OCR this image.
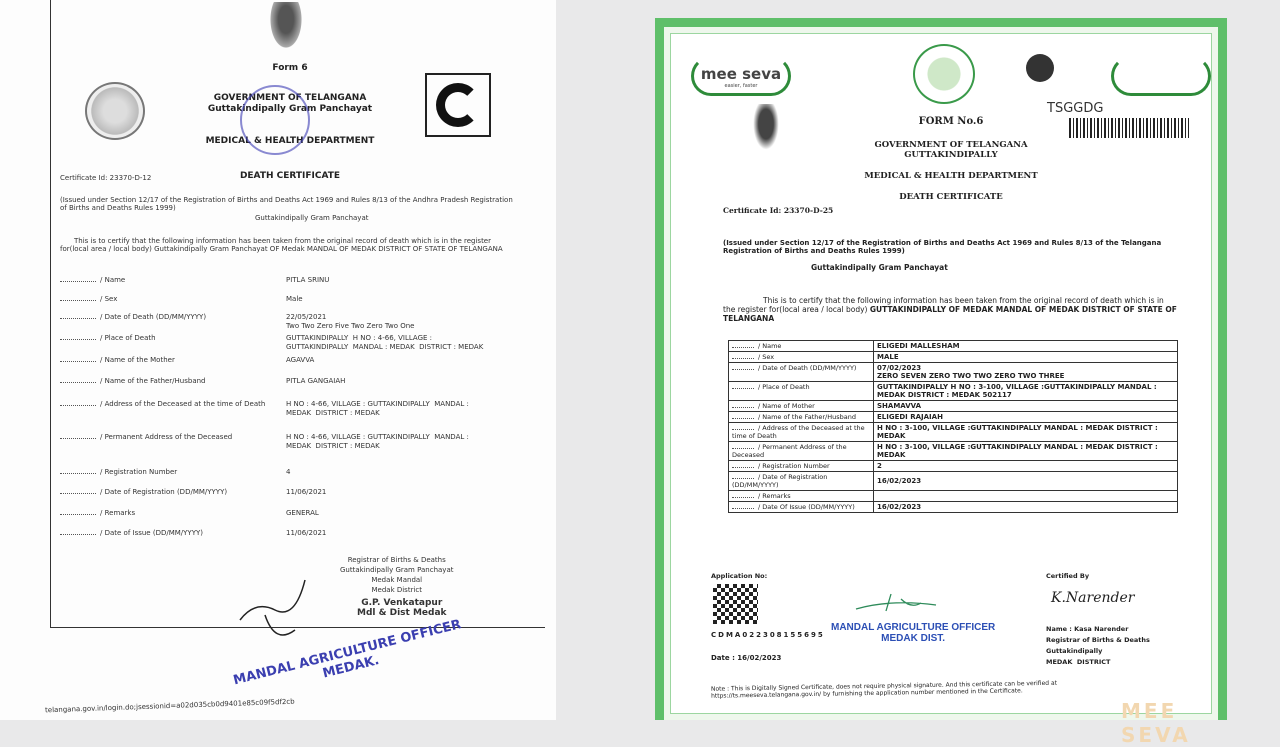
Form 6
GOVERNMENT OF TELANGANA
Guttakindipally Gram Panchayat
MEDICAL & HEALTH DEPARTMENT
DEATH CERTIFICATE
Certificate Id: 23370-D-12
(Issued under Section 12/17 of the Registration of Births and Deaths Act 1969 and Rules 8/13 of the Andhra Pradesh Registration of Births and Deaths Rules 1999)
Guttakindipally Gram Panchayat
This is to certify that the following information has been taken from the original record of death which is in the register for(local area / local body) Guttakindipally Gram Panchayat OF Medak MANDAL OF MEDAK DISTRICT OF STATE OF TELANGANA
/ Name	PITLA SRINU
/ Sex	Male
/ Date of Death (DD/MM/YYYY)	22/05/2021
Two Two Zero Five Two Zero Two One
/ Place of Death	GUTTAKINDIPALLY  H NO : 4-66, VILLAGE :
GUTTAKINDIPALLY  MANDAL : MEDAK  DISTRICT : MEDAK
/ Name of the Mother	AGAVVA
/ Name of the Father/Husband	PITLA GANGAIAH
/ Address of the Deceased at the time of Death	H NO : 4-66, VILLAGE : GUTTAKINDIPALLY  MANDAL :
MEDAK  DISTRICT : MEDAK
/ Permanent Address of the Deceased	H NO : 4-66, VILLAGE : GUTTAKINDIPALLY  MANDAL :
MEDAK  DISTRICT : MEDAK
/ Registration Number	4
/ Date of Registration (DD/MM/YYYY)	11/06/2021
/ Remarks	GENERAL
/ Date of Issue (DD/MM/YYYY)	11/06/2021
Registrar of Births & Deaths
Guttakindipally Gram Panchayat
Medak Mandal
Medak District
G.P. Venkatapur
Mdl & Dist Medak
MANDAL AGRICULTURE OFFICER
MEDAK.
telangana.gov.in/login.do;jsessionid=a02d035cb0d9401e85c09f5df2cb
mee seva
easier, faster
TSGGDG
FORM No.6
GOVERNMENT OF TELANGANA
GUTTAKINDIPALLY
MEDICAL & HEALTH DEPARTMENT
DEATH CERTIFICATE
Certificate Id: 23370-D-25
(Issued under Section 12/17 of the Registration of Births and Deaths Act 1969 and Rules 8/13 of the Telangana Registration of Births and Deaths Rules 1999)
Guttakindipally Gram Panchayat
This is to certify that the following information has been taken from the original record of death which is in the register for(local area / local body) GUTTAKINDIPALLY OF MEDAK MANDAL OF MEDAK DISTRICT OF STATE OF TELANGANA
/ Name	ELIGEDI MALLESHAM
/ Sex	MALE
/ Date of Death (DD/MM/YYYY)	07/02/2023
ZERO SEVEN ZERO TWO TWO ZERO TWO THREE
/ Place of Death	GUTTAKINDIPALLY H NO : 3-100, VILLAGE :GUTTAKINDIPALLY MANDAL : MEDAK DISTRICT : MEDAK 502117
/ Name of Mother	SHAMAVVA
/ Name of the Father/Husband	ELIGEDI RAJAIAH
/ Address of the Deceased at the time of Death	H NO : 3-100, VILLAGE :GUTTAKINDIPALLY MANDAL : MEDAK DISTRICT : MEDAK
/ Permanent Address of the Deceased	H NO : 3-100, VILLAGE :GUTTAKINDIPALLY MANDAL : MEDAK DISTRICT : MEDAK
/ Registration Number	2
/ Date of Registration (DD/MM/YYYY)	16/02/2023
/ Remarks	
/ Date Of Issue (DD/MM/YYYY)	16/02/2023
Application No:
CDMA022308155695
Date : 16/02/2023
MANDAL AGRICULTURE OFFICER
MEDAK DIST.
Certified By
K.Narender
Name : Kasa Narender
Registrar of Births & Deaths
Guttakindipally
MEDAK  DISTRICT
Note : This is Digitally Signed Certificate, does not require physical signature. And this certificate can be verified at https://ts.meeseva.telangana.gov.in/ by furnishing the application number mentioned in the Certificate.
MEE SEVA
